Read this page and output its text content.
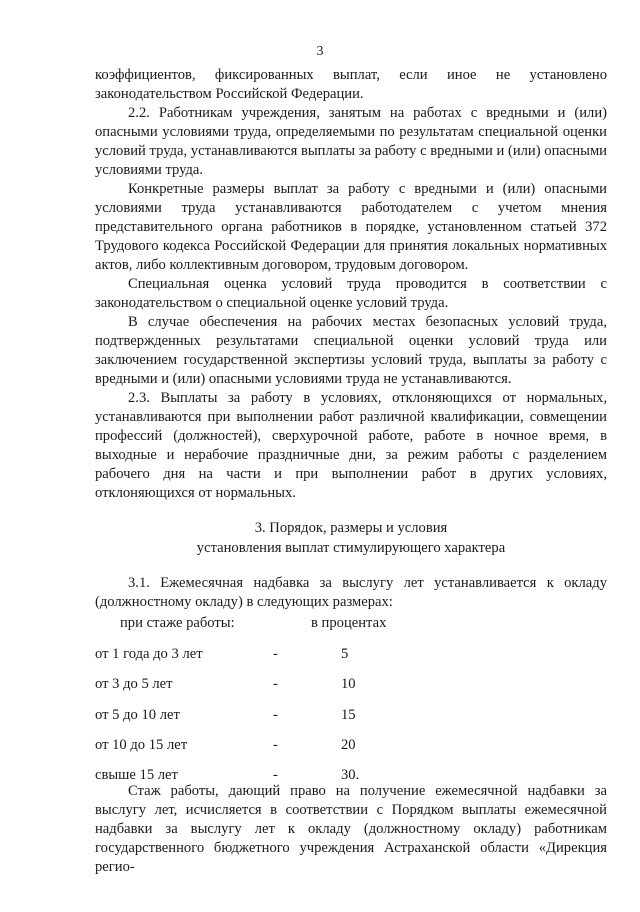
3

коэффициентов, фиксированных выплат, если иное не установлено законодательством Российской Федерации.

2.2. Работникам учреждения, занятым на работах с вредными и (или) опасными условиями труда, определяемыми по результатам специальной оценки условий труда, устанавливаются выплаты за работу с вредными и (или) опасными условиями труда.

Конкретные размеры выплат за работу с вредными и (или) опасными условиями труда устанавливаются работодателем с учетом мнения представительного органа работников в порядке, установленном статьей 372 Трудового кодекса Российской Федерации для принятия локальных нормативных актов, либо коллективным договором, трудовым договором.

Специальная оценка условий труда проводится в соответствии с законодательством о специальной оценке условий труда.

В случае обеспечения на рабочих местах безопасных условий труда, подтвержденных результатами специальной оценки условий труда или заключением государственной экспертизы условий труда, выплаты за работу с вредными и (или) опасными условиями труда не устанавливаются.

2.3. Выплаты за работу в условиях, отклоняющихся от нормальных, устанавливаются при выполнении работ различной квалификации, совмещении профессий (должностей), сверхурочной работе, работе в ночное время, в выходные и нерабочие праздничные дни, за режим работы с разделением рабочего дня на части и при выполнении работ в других условиях, отклоняющихся от нормальных.

3. Порядок, размеры и условия
установления выплат стимулирующего характера

3.1. Ежемесячная надбавка за выслугу лет устанавливается к окладу (должностному окладу) в следующих размерах:

при стаже работы:	в процентах
от 1 года до 3 лет	-	5
от 3 до 5 лет	-	10
от 5 до 10 лет	-	15
от 10 до 15 лет	-	20
свыше 15 лет	-	30.

Стаж работы, дающий право на получение ежемесячной надбавки за выслугу лет, исчисляется в соответствии с Порядком выплаты ежемесячной надбавки за выслугу лет к окладу (должностному окладу) работникам государственного бюджетного учреждения Астраханской области «Дирекция регио-
